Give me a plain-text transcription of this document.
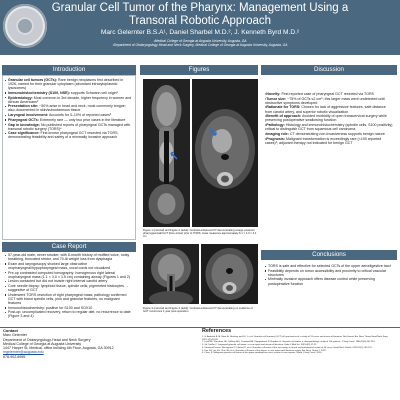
Granular Cell Tumor of the Pharynx: Management Using a
Transoral Robotic Approach
Marc Gelernter B.S.A¹, Daniel Sharbel M.D.², J. Kenneth Byrd M.D.²
¹Medical College of Georgia at Augusta University, Augusta, GA
²Department of Otolaryngology-Head and Neck Surgery, Medical College of Georgia at Augusta University, Augusta, GA
Introduction
Granular cell tumors (GCTs): Rare benign neoplasms first described in 1926, named for their granular cytoplasm (abundant intracytoplasmic lysosomes)
Immunohistochemistry (S100, NSE): supports Schwann cell origin¹
Epidemiology: Most common in 3rd decade, higher frequency in women and African Americans²
Presentation site: ~50% arise in head and neck, most commonly tongue; also documented in skin/subcutaneous tissue
Laryngeal involvement: Accounts for 3–10% of reported cases³
Pharyngeal GCTs: Extremely rare — only two prior cases in the literature
Gap in knowledge: No published reports of pharyngeal GCTs managed with transoral robotic surgery (TORS)⁴
Case significance: First known pharyngeal GCT resected via TORS, demonstrating feasibility and safety of a minimally invasive approach
Case Report
57-year-old male, never smoker, with 8-month history of muffled voice, noisy breathing, truncated stridor, and 70-lb weight loss from dysphagia
Exam and laryngoscopy showed large obstructive oropharyngeal/hypopharyngeal mass, vocal cords not visualized
Pre-op contrasted computed tomography: homogenous right lateral oropharyngeal mass (1.1 × 3.0 × 1.5 cm) containing airway (Figures 1 and 2)
Lesion contacted but did not invade right internal carotid artery
Core needle biopsy: lymphoid tissue, spindle cells, pigmented histiocytes → suggestive of GCT
Underwent TORS resection of right pharyngeal mass; pathology confirmed GCT with bland spindle cells, pink and granular features, no malignant features
Immunohistochemistry: positive for S100 and SOX10
Post-op: uncomplicated recovery, return to regular diet, no recurrence to date (Figure 3 and 4)
Figures
Figure 1 (coronal) and Figure 2 (axial): Contrast-enhanced CT demonstrating a large posterior pharyngeal wall GCT (blue arrow) prior to TORS; mass measures approximately 6.1 × 4.0 × 4.1 cm
Figure 3 (coronal) and Figure 4 (axial): Contrast-enhanced CT demonstrating no evidence of GCT recurrence 1 year post-operation
Discussion
•Novelty: First reported case of pharyngeal GCT resected via TORS
•Tumor size: ~75% of GCTs ≤2 cm⁵; this larger mass went undetected until obstructive symptoms developed
•Rationale for TORS: Chosen for lack of aggressive features, safe distance from carotid artery, and superior robotic visualization
•Benefit of approach: Avoided morbidity of open transcervical surgery while preserving postoperative swallowing function
•Pathology: Histology and immunohistochemistry (spindle cells, S100 positivity) critical to distinguish GCT from squamous cell carcinoma
•Imaging role: CT demonstrating non-invasiveness supports benign nature
•Prognosis: Malignant transformation is exceedingly rare (<100 reported cases)⁶; adjuvant therapy not indicated for benign GCT
Conclusions
TORS is safe and effective for selected GCTs of the upper aerodigestive tract
Feasibility depends on tumor accessibility and proximity to critical vascular structures
Minimally invasive approach offers disease control while preserving postoperative function
Contact
Marc Gelernter
Department of Otolaryngology-Head and Neck Surgery
Medical College of Georgia at Augusta University
1447 Harper St, Medical, office building 4th Floor, Augusta, GA 30912
mgelernter@augusta.edu
678-902-8955
References
1. S. Ardeshir B, M. Noor, A. Ghahary and SJ. I, et al. Granular cell tumours (GCT) of head and neck: a study of 13 cases and review of literature. Nat Journal Ear Nose Throat Head Neck Surg. 2021;1(1):20-26.
2. Lack EE, Worsham GF, Callihan MD, Crawford BE, Klappenbach S, Rowden G. Granular cell tumor: a clinicopathologic study of 110 patients. J Surg Oncol. 1980;13(4):301-316.
3. Sá Coelho C. Laryngeal granular cell tumor: a case report and review of literature. Kobe J Med Sci. 2019;4(2):17-21.
4. Sanchez-Pereiro, Bonsignore CY, Batsul D, et al. Granular cell tumor of the oral cavity: a clinical and pathological review of 40 cases. Head Neck Pathol. 2018;12(1):153-157.
5. Kim JH, Lee SS, Choi JH, et al. Granular cell tumor of the larynx: a case report and literature review. Ear Nose Throat J. 2022.
6. Chen, K. Malignant granular cell tumor of the upper aerodigestive tract: review of case reports. World J Surg Oncol. 2019.
